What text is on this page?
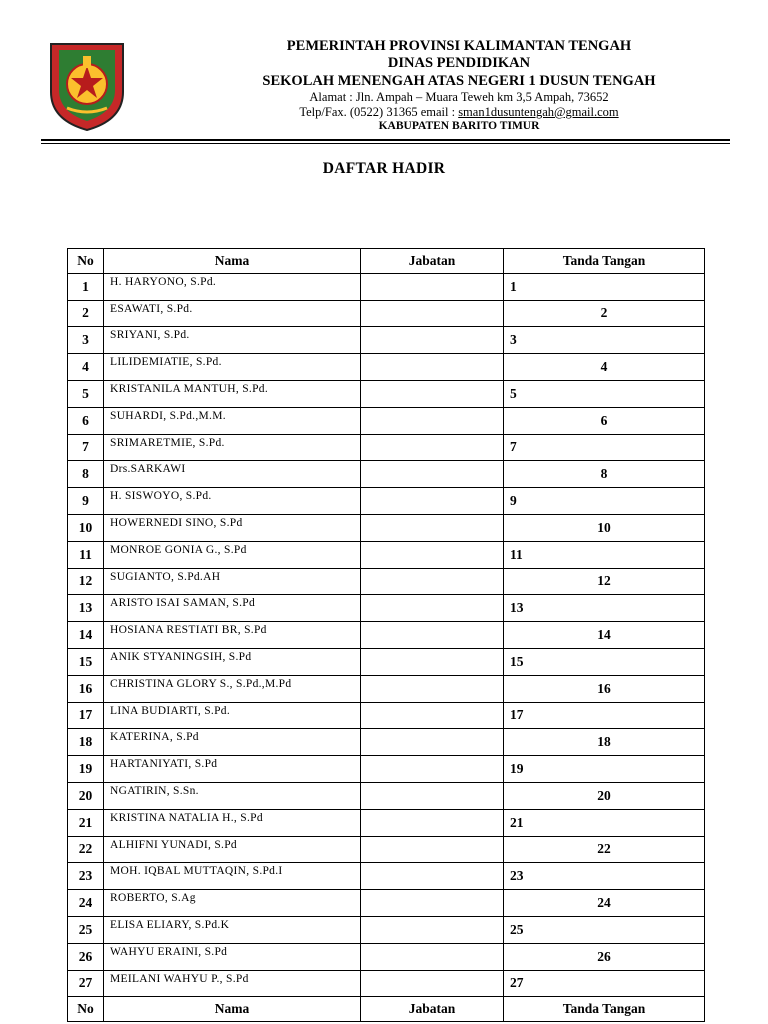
PEMERINTAH PROVINSI KALIMANTAN TENGAH
DINAS PENDIDIKAN
SEKOLAH MENENGAH ATAS NEGERI 1 DUSUN TENGAH
Alamat : Jln. Ampah – Muara Teweh km 3,5 Ampah, 73652
Telp/Fax. (0522) 31365 email : sman1dusuntengah@gmail.com
KABUPATEN BARITO TIMUR
DAFTAR HADIR
No	Nama	Jabatan	Tanda Tangan
1	H. HARYONO, S.Pd.		1

2	ESAWATI, S.Pd.		2

3	SRIYANI, S.Pd.		3

4	LILIDEMIATIE, S.Pd.		4

5	KRISTANILA MANTUH, S.Pd.		5

6	SUHARDI, S.Pd.,M.M.		6

7	SRIMARETMIE, S.Pd.		7

8	Drs.SARKAWI		8

9	H. SISWOYO, S.Pd.		9

10	HOWERNEDI SINO, S.Pd		10

11	MONROE GONIA G., S.Pd		11

12	SUGIANTO, S.Pd.AH		12

13	ARISTO ISAI SAMAN, S.Pd		13

14	HOSIANA RESTIATI BR, S.Pd		14

15	ANIK STYANINGSIH, S.Pd		15

16	CHRISTINA GLORY S., S.Pd.,M.Pd		16

17	LINA BUDIARTI, S.Pd.		17

18	KATERINA, S.Pd		18

19	HARTANIYATI, S.Pd		19

20	NGATIRIN, S.Sn.		20

21	KRISTINA NATALIA H., S.Pd		21

22	ALHIFNI YUNADI, S.Pd		22

23	MOH. IQBAL MUTTAQIN, S.Pd.I		23

24	ROBERTO, S.Ag		24

25	ELISA ELIARY, S.Pd.K		25

26	WAHYU ERAINI, S.Pd		26

27	MEILANI WAHYU P., S.Pd		27

No	Nama	Jabatan	Tanda Tangan
